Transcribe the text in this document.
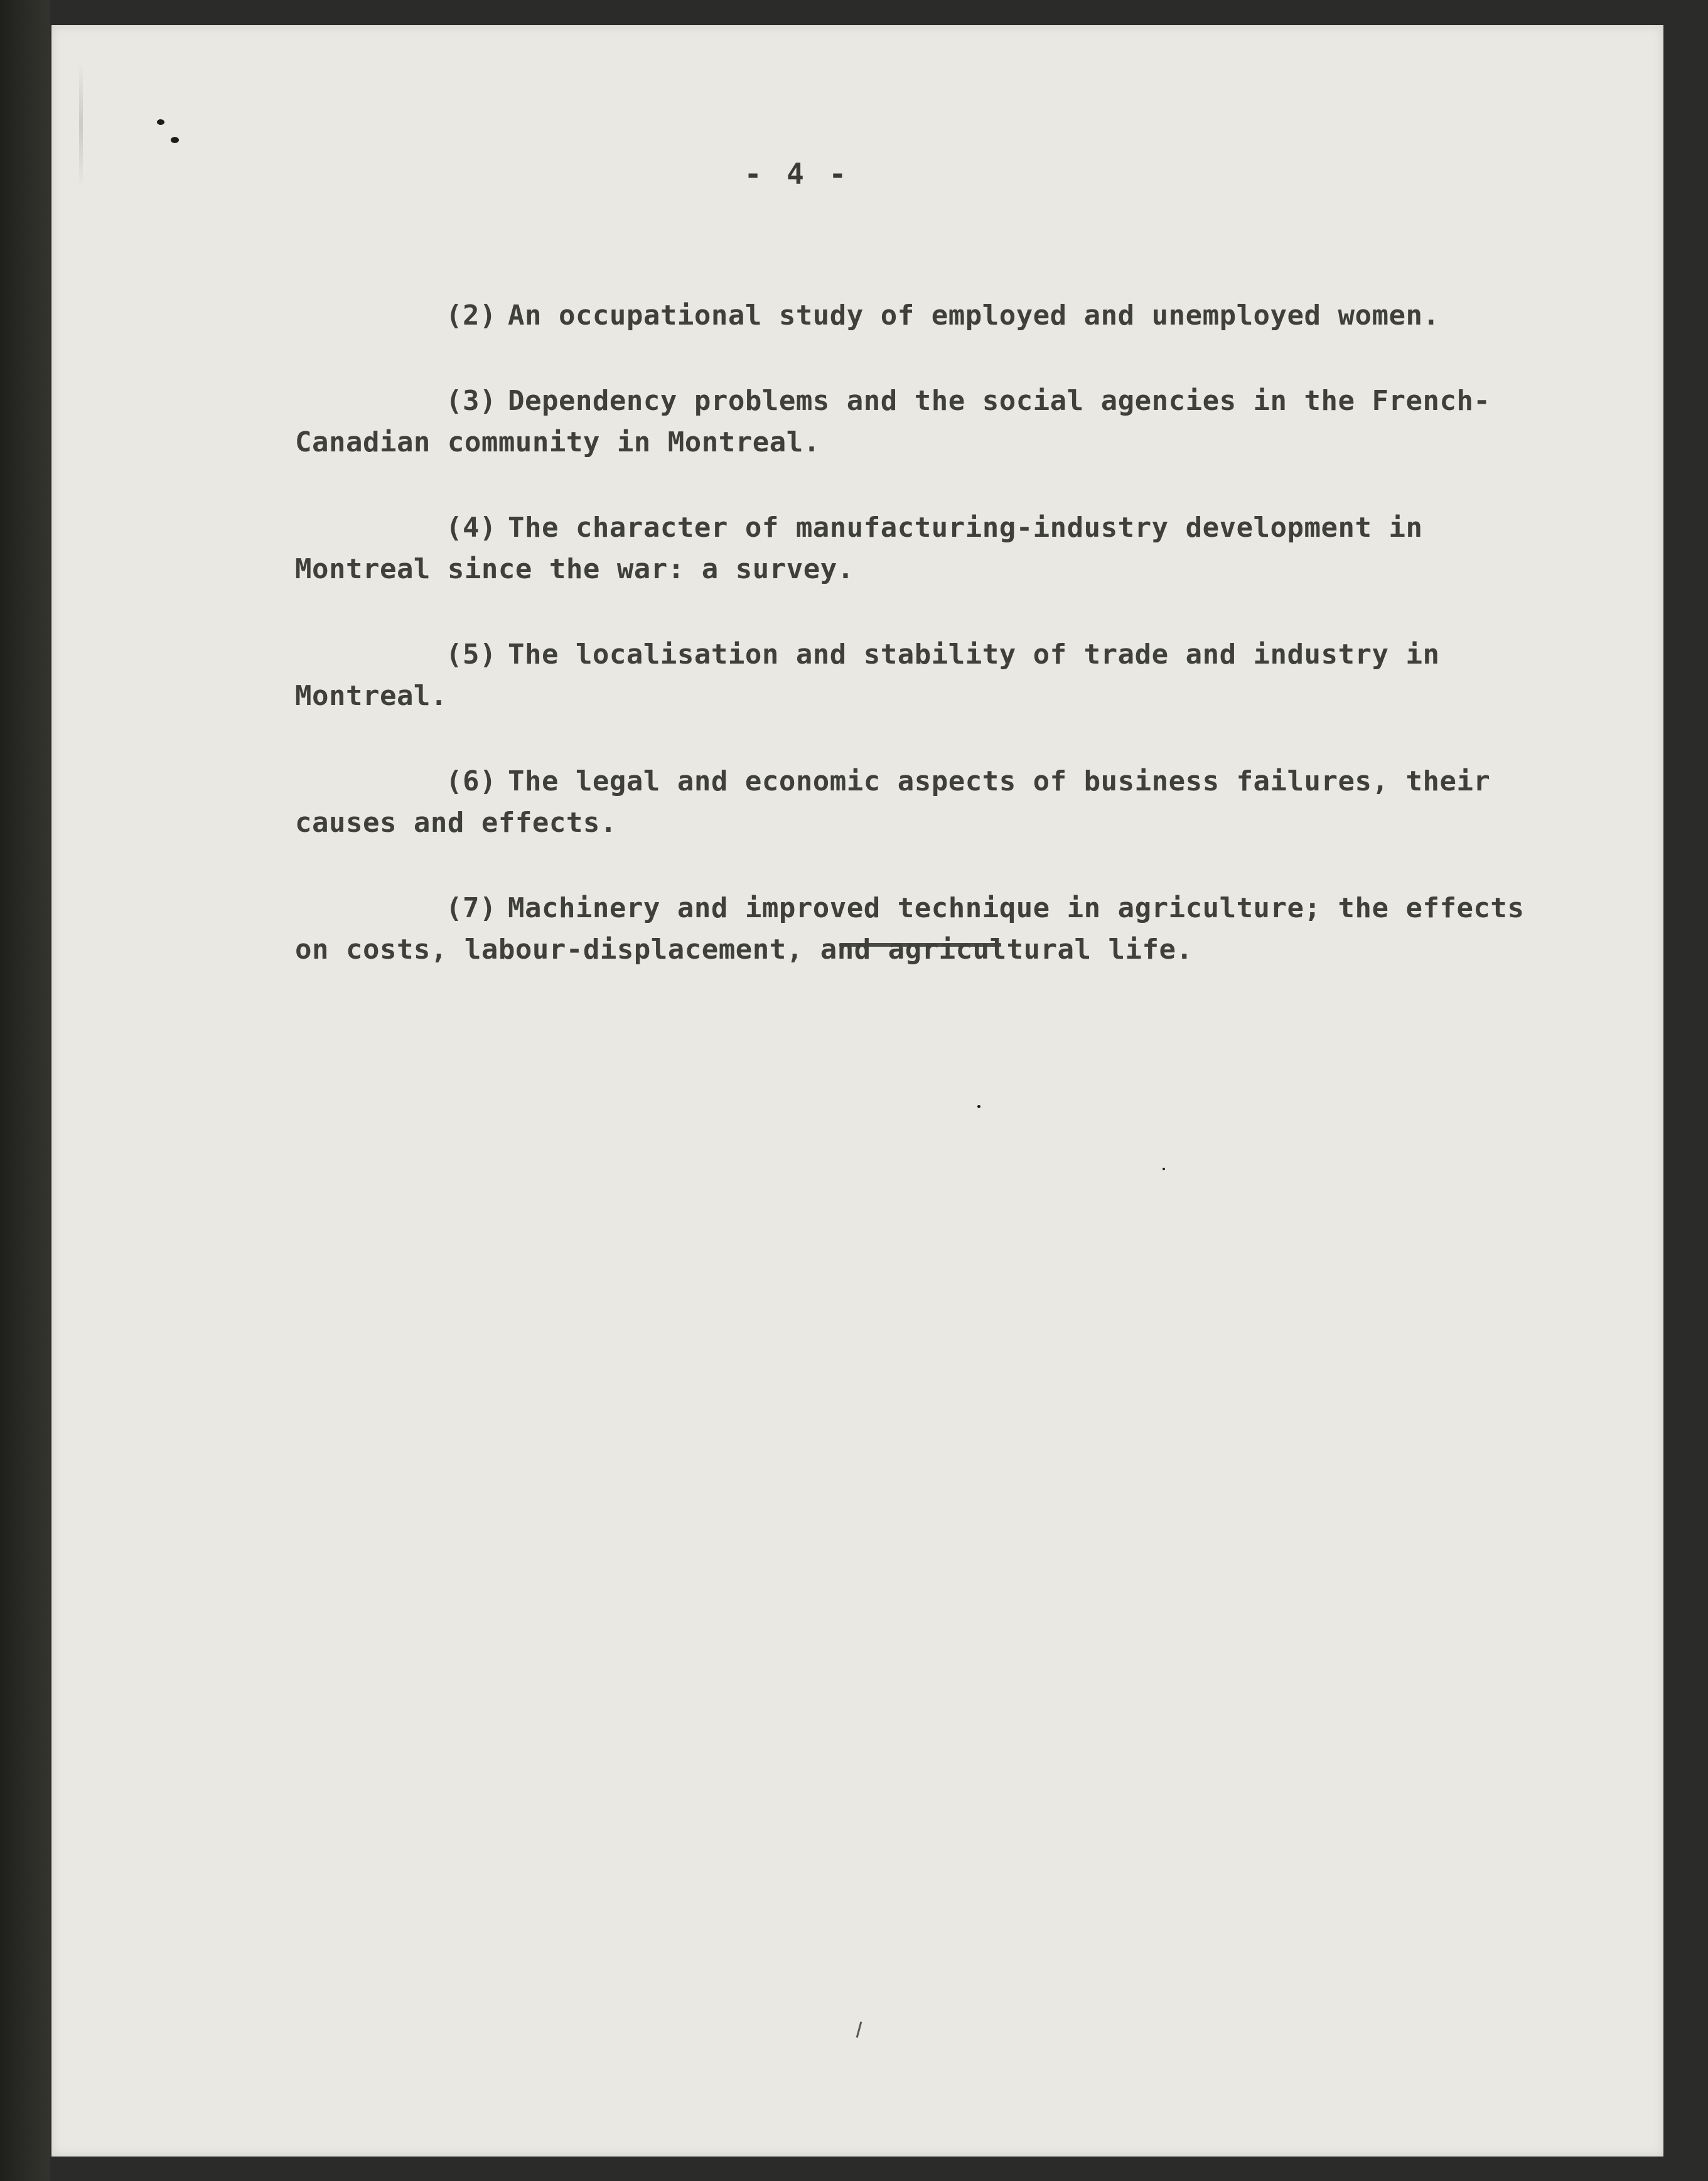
- 4 -
(2) An occupational study of employed and unemployed women.
(3) Dependency problems and the social agencies in the French-Canadian community in Montreal.
(4) The character of manufacturing-industry development in Montreal since the war: a survey.
(5) The localisation and stability of trade and industry in Montreal.
(6) The legal and economic aspects of business failures, their causes and effects.
(7) Machinery and improved technique in agriculture; the effects on costs, labour-displacement, and agricultural life.
